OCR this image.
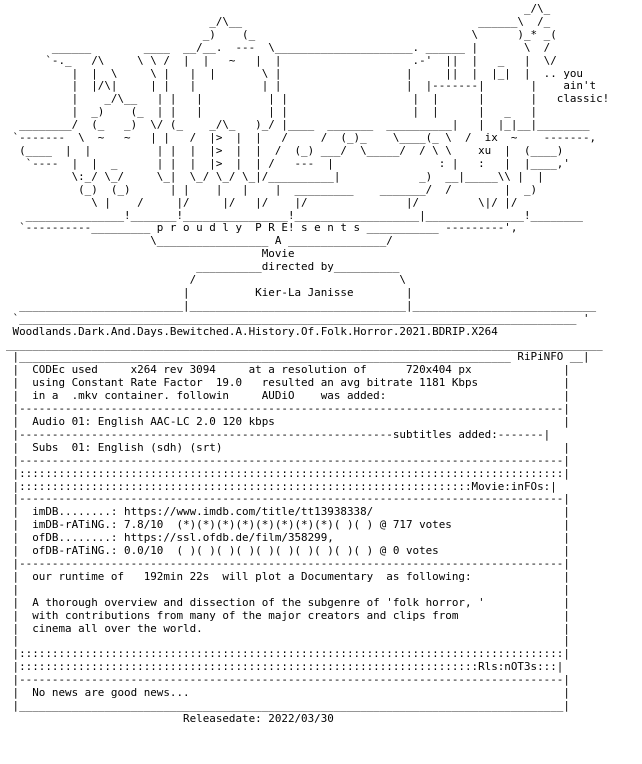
_/\_
_/\__                                    ______\  /_
_)    (_                                 \      )_* _(
______        ____  __/__.  ---  \_____________________. ______ |       \  /
`-._   /\     \ \ /  |  |   ~   |  |                    .-'  ||  |   _   |  \/
|  |  \     \ |   |  |       \ |                   |     ||  |  |_|  |  .. you
|  |/\|     | |   |          | |                   |  |-------|       |    ain't
|    _/\__   | |   |          | |                   |  |      |       |   classic!
|  _)    (_  | |   |          | |                   |  |      |   _   |
________/  (_   _)  \/ (_    _/\_   )_/ |____  _______  __________|   |  |_|__|________
`-------  \  ~   ~   | |   /  |>  |  |   /     /  (_)_    \____(_ \  /  ix  ~    -------,
(____  |  |          | |  |  |>  |  |  /  (_) ___/  \_____/  / \ \    xu  |  (____)
`----  |  |  _      | |  |  |>  |  | /   ---  |                : |   :   |  |____,'
\:_/ \_/     \_|  \_/ \_/ \_|/__________|            _)  __|_____\\ |  |
(_)  (_)      | |    |   |    |  _________    _______/  /        |  _)
\ |    /     |/     |/   |/    |/               |/         \|/ |/
_______________!_______!________________!___________________|_______________!________
`----------_________ p r o u d l y  P R E! s e n t s ___________ ---------',
\_________________ A _______________/
Movie
__________directed by__________
/                               \
|          Kier-La Janisse        |
_________________________|_________________________________|____________________________
`_____________________________________________________________________________________ '
Woodlands.Dark.And.Days.Bewitched.A.History.Of.Folk.Horror.2021.BDRIP.X264
___________________________________________________________________________________________
|___________________________________________________________________________ RiPiNFO __|
|  CODEc used     x264 rev 3094     at a resolution of      720x404 px              |
|  using Constant Rate Factor  19.0   resulted an avg bitrate 1181 Kbps             |
|  in a  .mkv container. followin     AUDiO    was added:                           |
|-----------------------------------------------------------------------------------|
|  Audio 01: English AAC-LC 2.0 120 kbps                                            |
|---------------------------------------------------------subtitles added:-------|
|  Subs  01: English (sdh) (srt)                                                    |
|-----------------------------------------------------------------------------------|
|:::::::::::::::::::::::::::::::::::::::::::::::::::::::::::::::::::::::::::::::::::|
|:::::::::::::::::::::::::::::::::::::::::::::::::::::::::::::::::::::Movie:inFOs:|
|-----------------------------------------------------------------------------------|
|  imDB........: https://www.imdb.com/title/tt13938338/                             |
|  imDB-rATiNG.: 7.8/10  (*)(*)(*)(*)(*)(*)(*)(*)( )( ) @ 717 votes                 |
|  ofDB........: https://ssl.ofdb.de/film/358299,                                   |
|  ofDB-rATiNG.: 0.0/10  ( )( )( )( )( )( )( )( )( )( ) @ 0 votes                   |
|-----------------------------------------------------------------------------------|
|  our runtime of   192min 22s  will plot a Documentary  as following:              |
|                                                                                   |
|  A thorough overview and dissection of the subgenre of 'folk horror, '            |
|  with contributions from many of the major creators and clips from                |
|  cinema all over the world.                                                       |
|                                                                                   |
|:::::::::::::::::::::::::::::::::::::::::::::::::::::::::::::::::::::::::::::::::::|
|::::::::::::::::::::::::::::::::::::::::::::::::::::::::::::::::::::::Rls:nOT3s:::|
|-----------------------------------------------------------------------------------|
|  No news are good news...                                                         |
|___________________________________________________________________________________|
Releasedate: 2022/03/30
